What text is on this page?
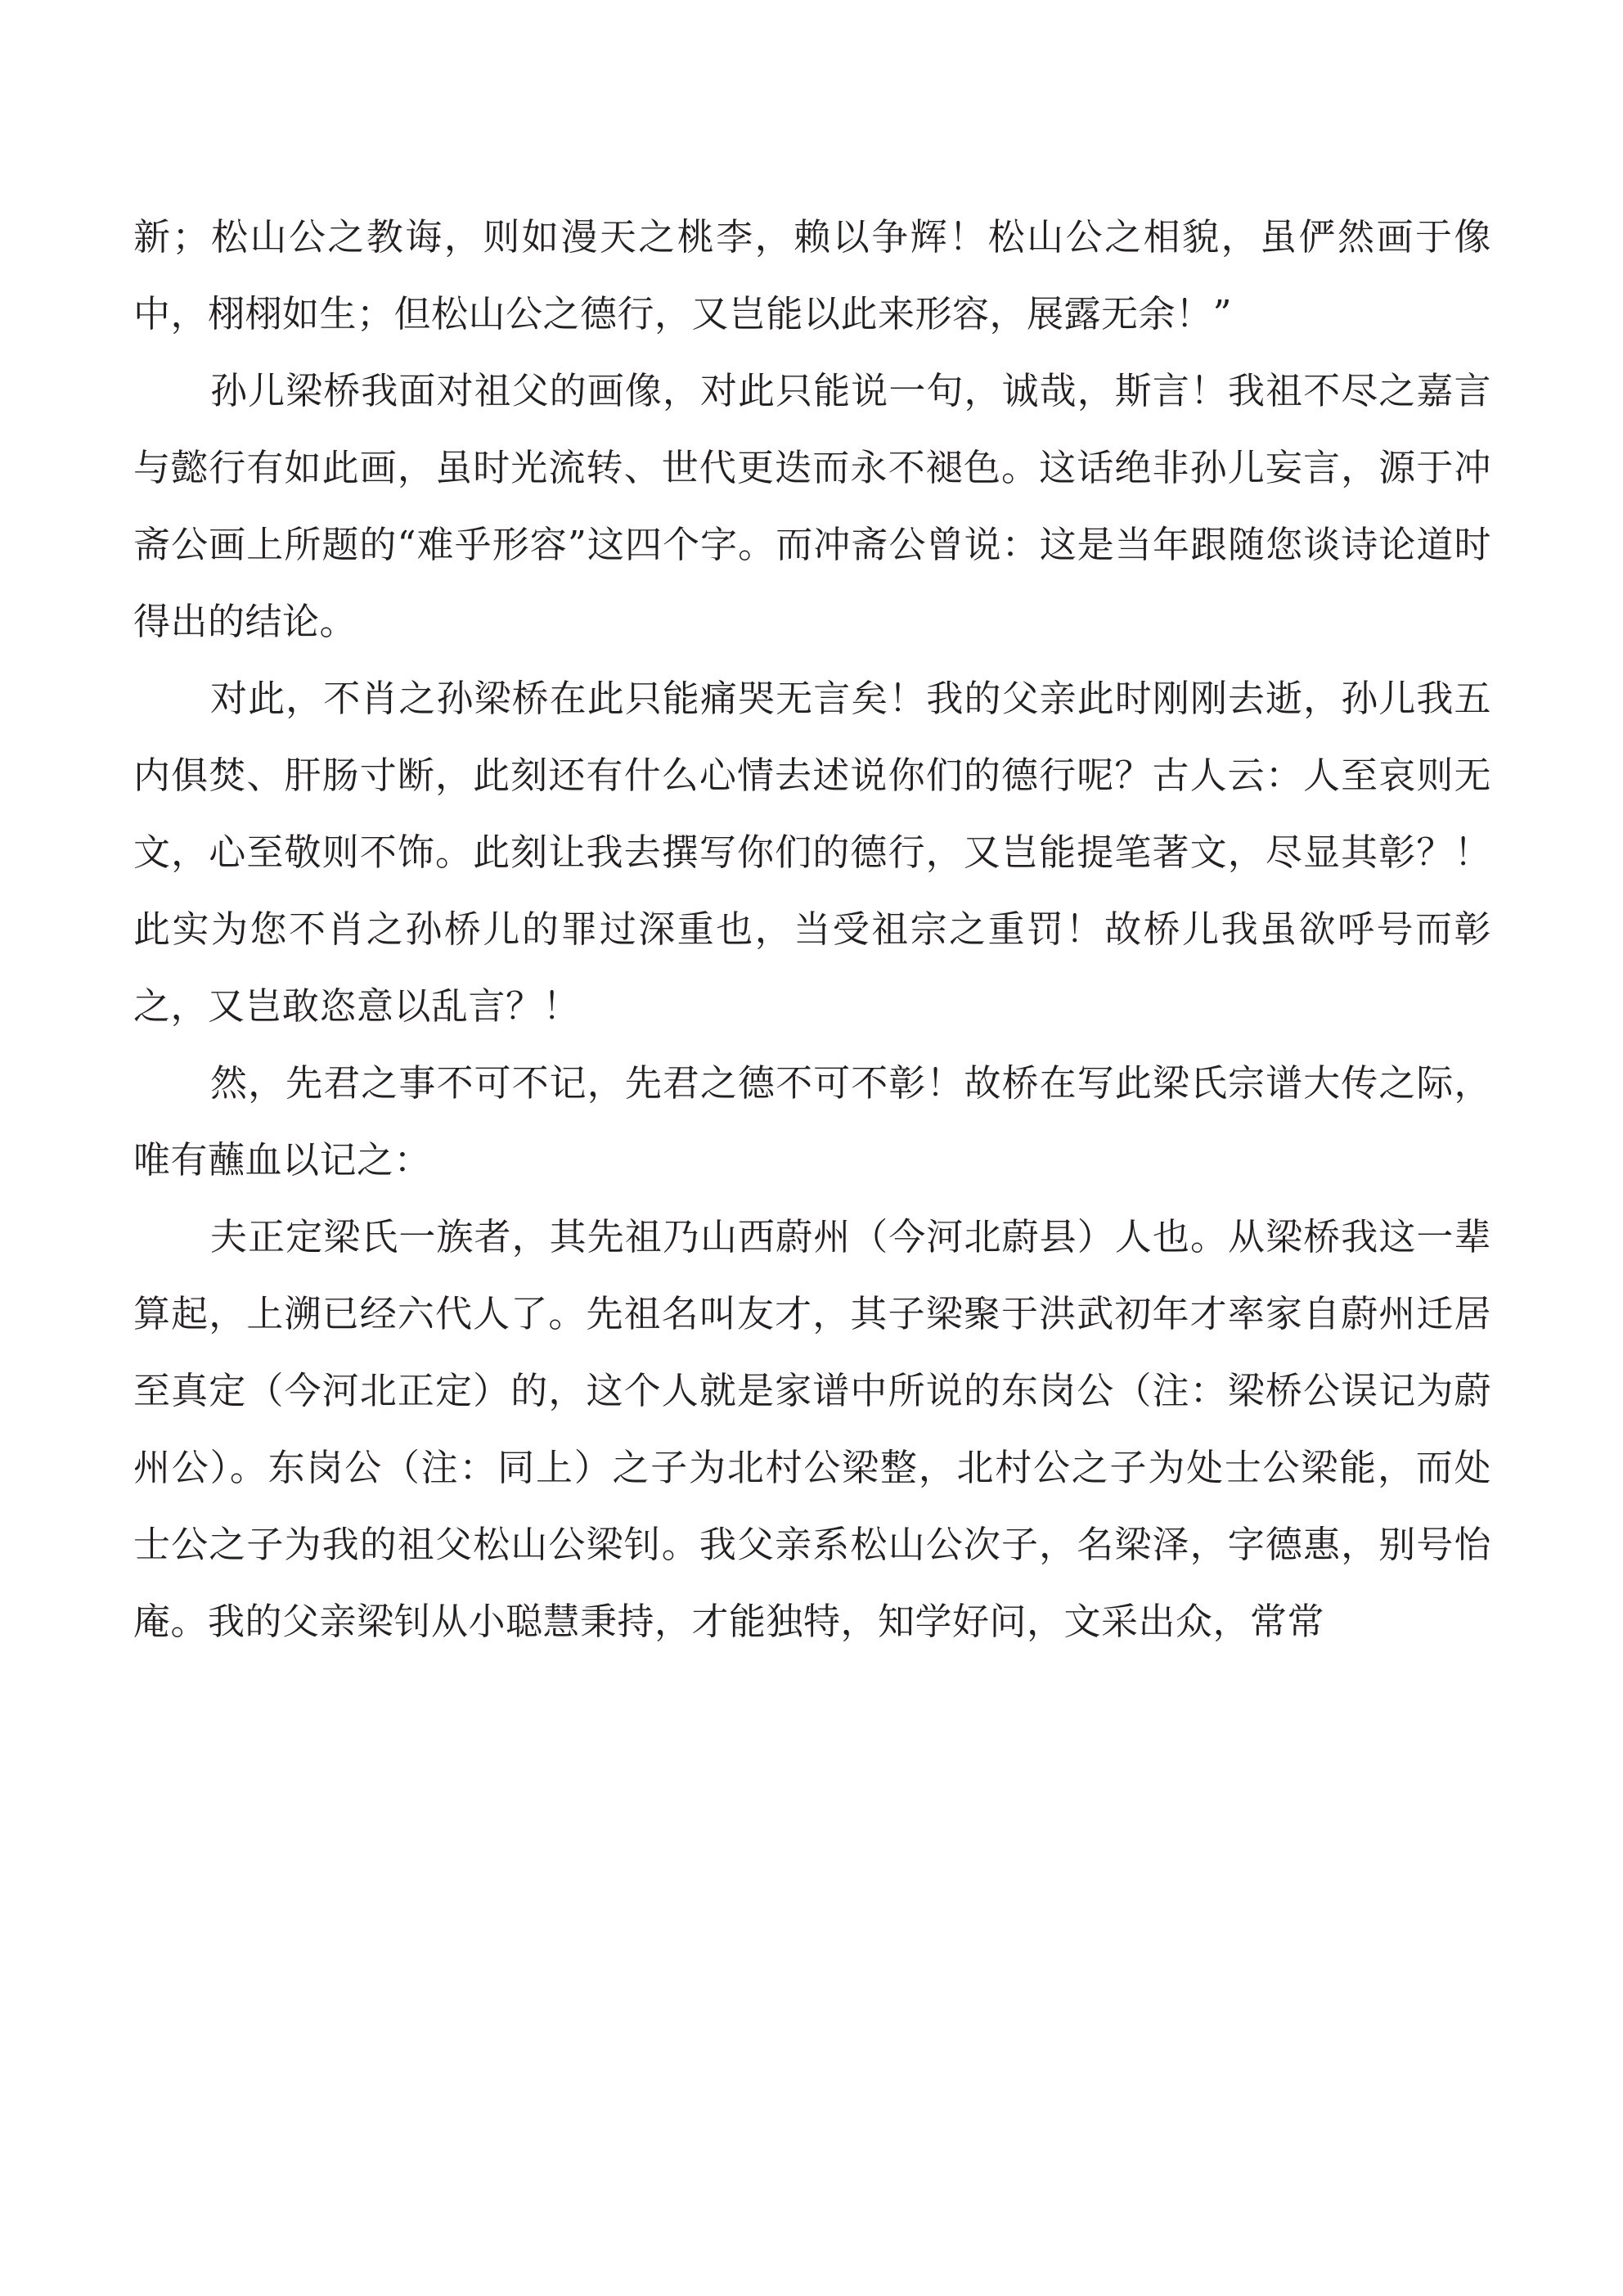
新；松山公之教诲，则如漫天之桃李，赖以争辉！松山公之相貌，虽俨然画于像中，栩栩如生；但松山公之德行，又岂能以此来形容，展露无余！”

孙儿梁桥我面对祖父的画像，对此只能说一句，诚哉，斯言！我祖不尽之嘉言与懿行有如此画，虽时光流转、世代更迭而永不褪色。这话绝非孙儿妄言，源于冲斋公画上所题的“难乎形容”这四个字。而冲斋公曾说：这是当年跟随您谈诗论道时得出的结论。

对此，不肖之孙梁桥在此只能痛哭无言矣！我的父亲此时刚刚去逝，孙儿我五内俱焚、肝肠寸断，此刻还有什么心情去述说你们的德行呢？古人云：人至哀则无文，心至敬则不饰。此刻让我去撰写你们的德行，又岂能提笔著文，尽显其彰？！此实为您不肖之孙桥儿的罪过深重也，当受祖宗之重罚！故桥儿我虽欲呼号而彰之，又岂敢恣意以乱言？！

然，先君之事不可不记，先君之德不可不彰！故桥在写此梁氏宗谱大传之际，唯有蘸血以记之：

夫正定梁氏一族者，其先祖乃山西蔚州（今河北蔚县）人也。从梁桥我这一辈算起，上溯已经六代人了。先祖名叫友才，其子梁聚于洪武初年才率家自蔚州迁居至真定（今河北正定）的，这个人就是家谱中所说的东岗公（注：梁桥公误记为蔚州公）。东岗公（注：同上）之子为北村公梁整，北村公之子为处士公梁能，而处士公之子为我的祖父松山公梁钊。我父亲系松山公次子，名梁泽，字德惠，别号怡庵。我的父亲梁钊从小聪慧秉持，才能独特，知学好问，文采出众，常常
